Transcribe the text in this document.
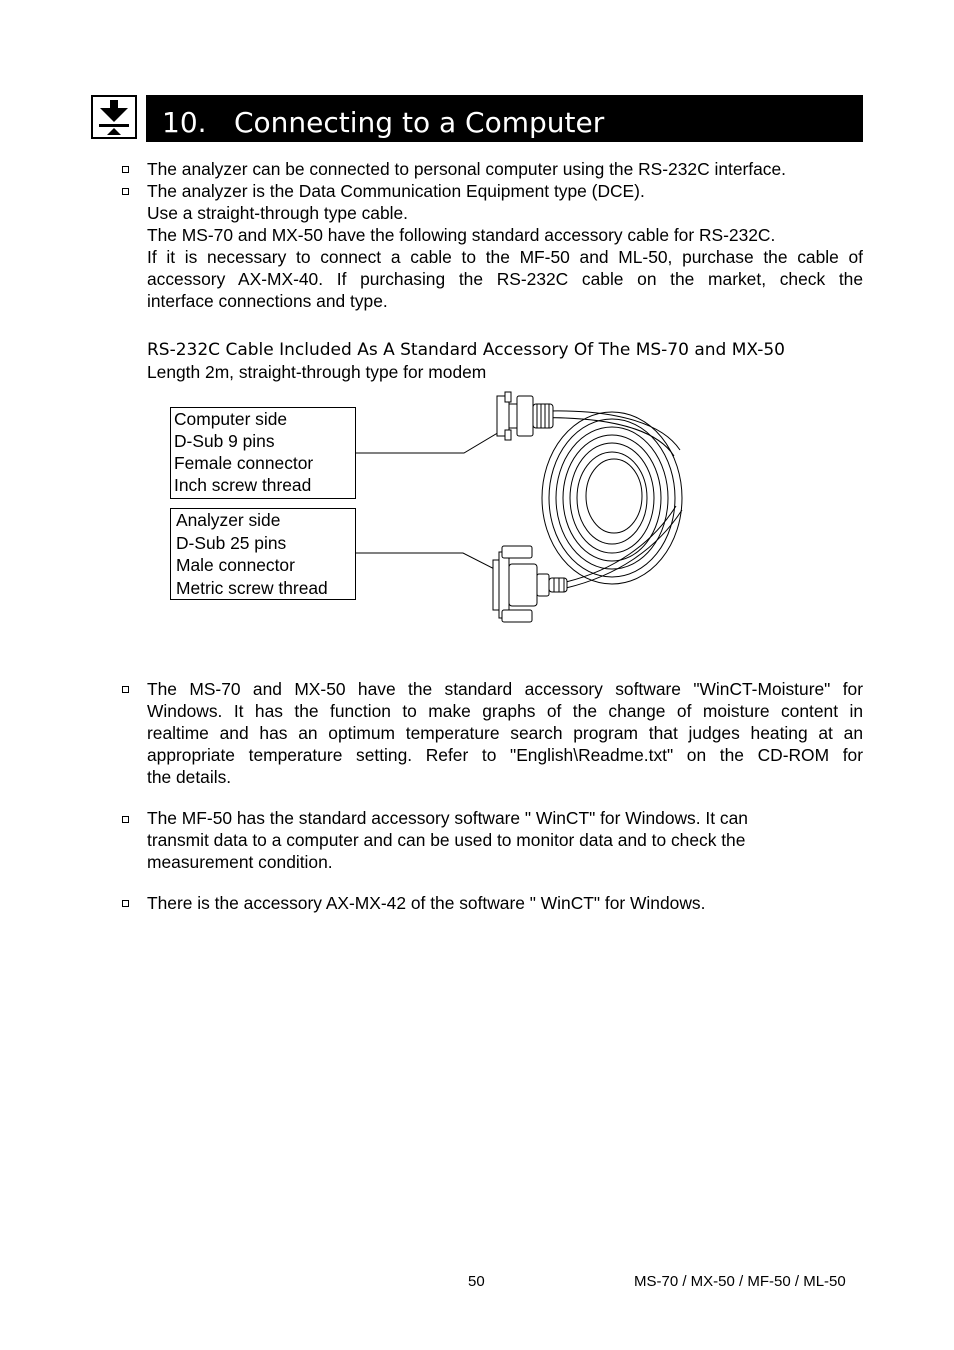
10. Connecting to a Computer
The analyzer can be connected to personal computer using the RS-232C interface.
The analyzer is the Data Communication Equipment type (DCE).
Use a straight-through type cable.
The MS-70 and MX-50 have the following standard accessory cable for RS-232C.
If it is necessary to connect a cable to the MF-50 and ML-50, purchase the cable of
accessory AX-MX-40. If purchasing the RS-232C cable on the market, check the
interface connections and type.
RS-232C Cable Included As A Standard Accessory Of The MS-70 and MX-50
Length 2m, straight-through type for modem
Computer side
D-Sub 9 pins
Female connector
Inch screw thread
Analyzer side
D-Sub 25 pins
Male connector
Metric screw thread
The MS-70 and MX-50 have the standard accessory software "WinCT-Moisture" for
Windows. It has the function to make graphs of the change of moisture content in
realtime and has an optimum temperature search program that judges heating at an
appropriate temperature setting. Refer to "English\Readme.txt" on the CD-ROM for
the details.
The MF-50 has the standard accessory software " WinCT" for Windows. It can
transmit data to a computer and can be used to monitor data and to check the
measurement condition.
There is the accessory AX-MX-42 of the software " WinCT" for Windows.
50	MS-70 / MX-50 / MF-50 / ML-50
